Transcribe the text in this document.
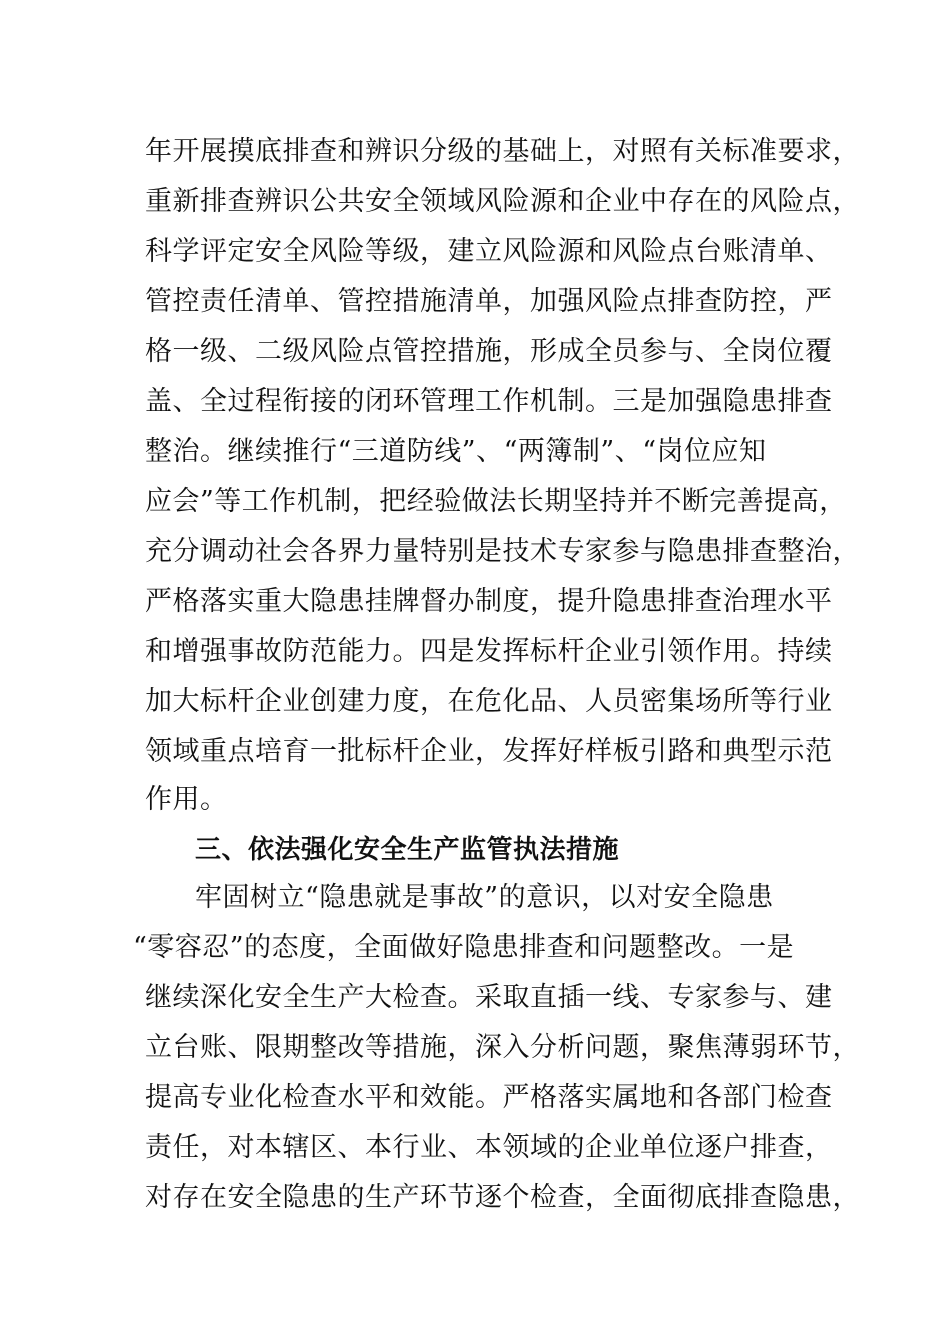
年开展摸底排查和辨识分级的基础上，对照有关标准要求，
重新排查辨识公共安全领域风险源和企业中存在的风险点，
科学评定安全风险等级，建立风险源和风险点台账清单、
管控责任清单、管控措施清单，加强风险点排查防控，严
格一级、二级风险点管控措施，形成全员参与、全岗位覆
盖、全过程衔接的闭环管理工作机制。三是加强隐患排查
整治。继续推行“三道防线”、“两簿制”、“岗位应知
应会”等工作机制，把经验做法长期坚持并不断完善提高，
充分调动社会各界力量特别是技术专家参与隐患排查整治，
严格落实重大隐患挂牌督办制度，提升隐患排查治理水平
和增强事故防范能力。四是发挥标杆企业引领作用。持续
加大标杆企业创建力度，在危化品、人员密集场所等行业
领域重点培育一批标杆企业，发挥好样板引路和典型示范
作用。
三、依法强化安全生产监管执法措施
牢固树立“隐患就是事故”的意识，以对安全隐患
“零容忍”的态度，全面做好隐患排查和问题整改。一是
继续深化安全生产大检查。采取直插一线、专家参与、建
立台账、限期整改等措施，深入分析问题，聚焦薄弱环节，
提高专业化检查水平和效能。严格落实属地和各部门检查
责任，对本辖区、本行业、本领域的企业单位逐户排查，
对存在安全隐患的生产环节逐个检查，全面彻底排查隐患，
